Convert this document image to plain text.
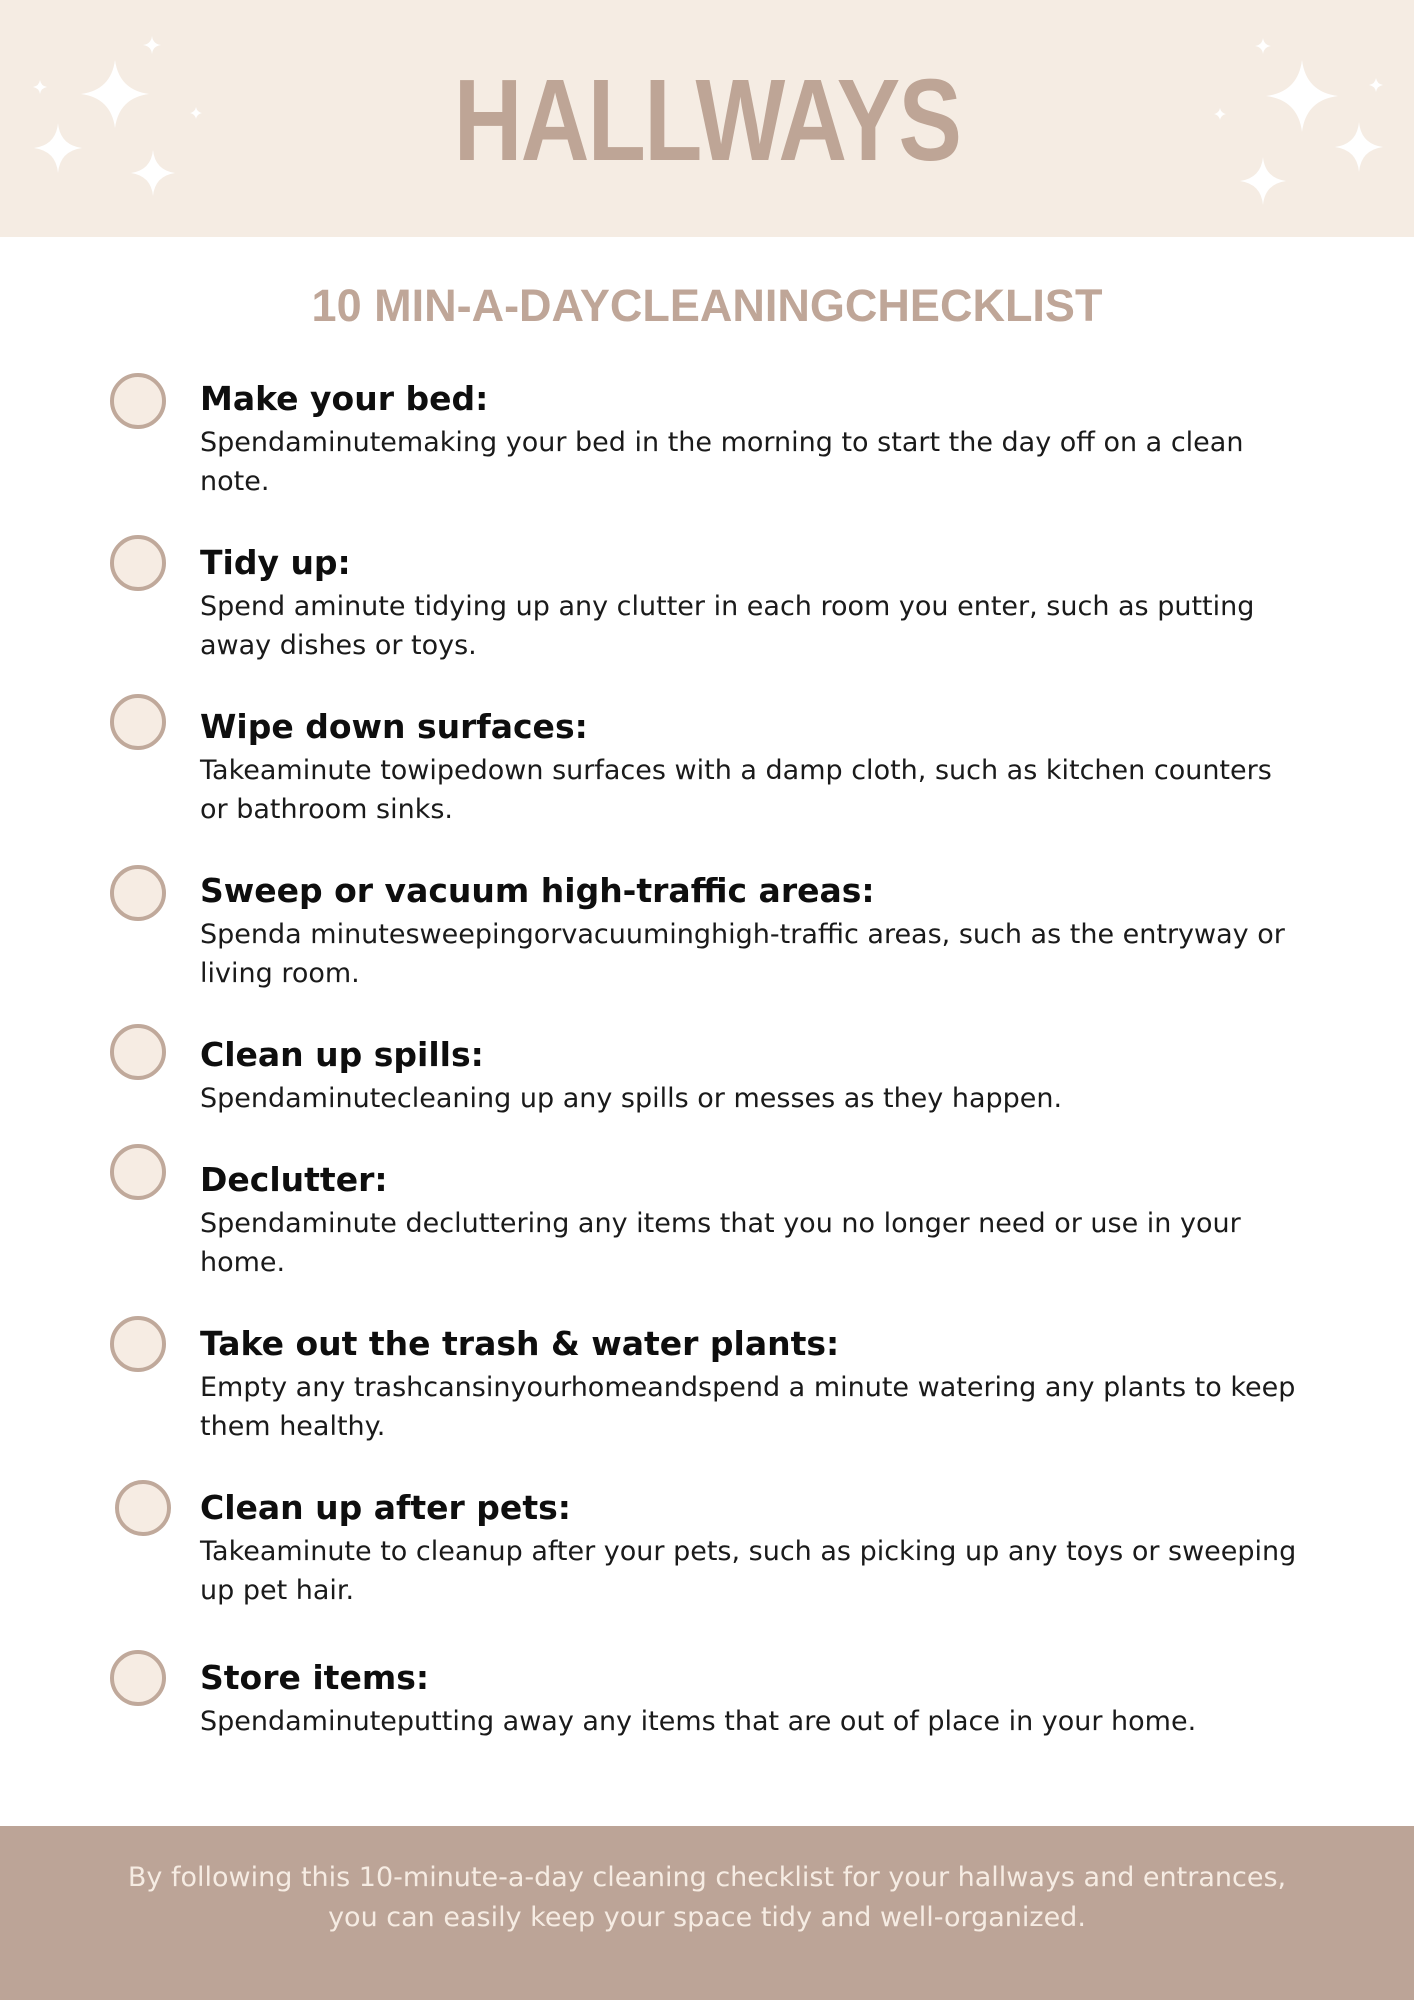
HALLWAYS
10 MIN-A-DAYCLEANINGCHECKLIST
Make your bed:
Spendaminutemaking your bed in the morning to start the day off on a clean note.
Tidy up:
Spend aminute tidying up any clutter in each room you enter, such as putting away dishes or toys.
Wipe down surfaces:
Takeaminute towipedown surfaces with a damp cloth, such as kitchen counters or bathroom sinks.
Sweep or vacuum high-traffic areas:
Spenda minutesweepingorvacuuminghigh-traffic areas, such as the entryway or living room.
Clean up spills:
Spendaminutecleaning up any spills or messes as they happen.
Declutter:
Spendaminute decluttering any items that you no longer need or use in your home.
Take out the trash & water plants:
Empty any trashcansinyourhomeandspend a minute watering any plants to keep them healthy.
Clean up after pets:
Takeaminute to cleanup after your pets, such as picking up any toys or sweeping up pet hair.
Store items:
Spendaminuteputting away any items that are out of place in your home.
By following this 10-minute-a-day cleaning checklist for your hallways and entrances, you can easily keep your space tidy and well-organized.
